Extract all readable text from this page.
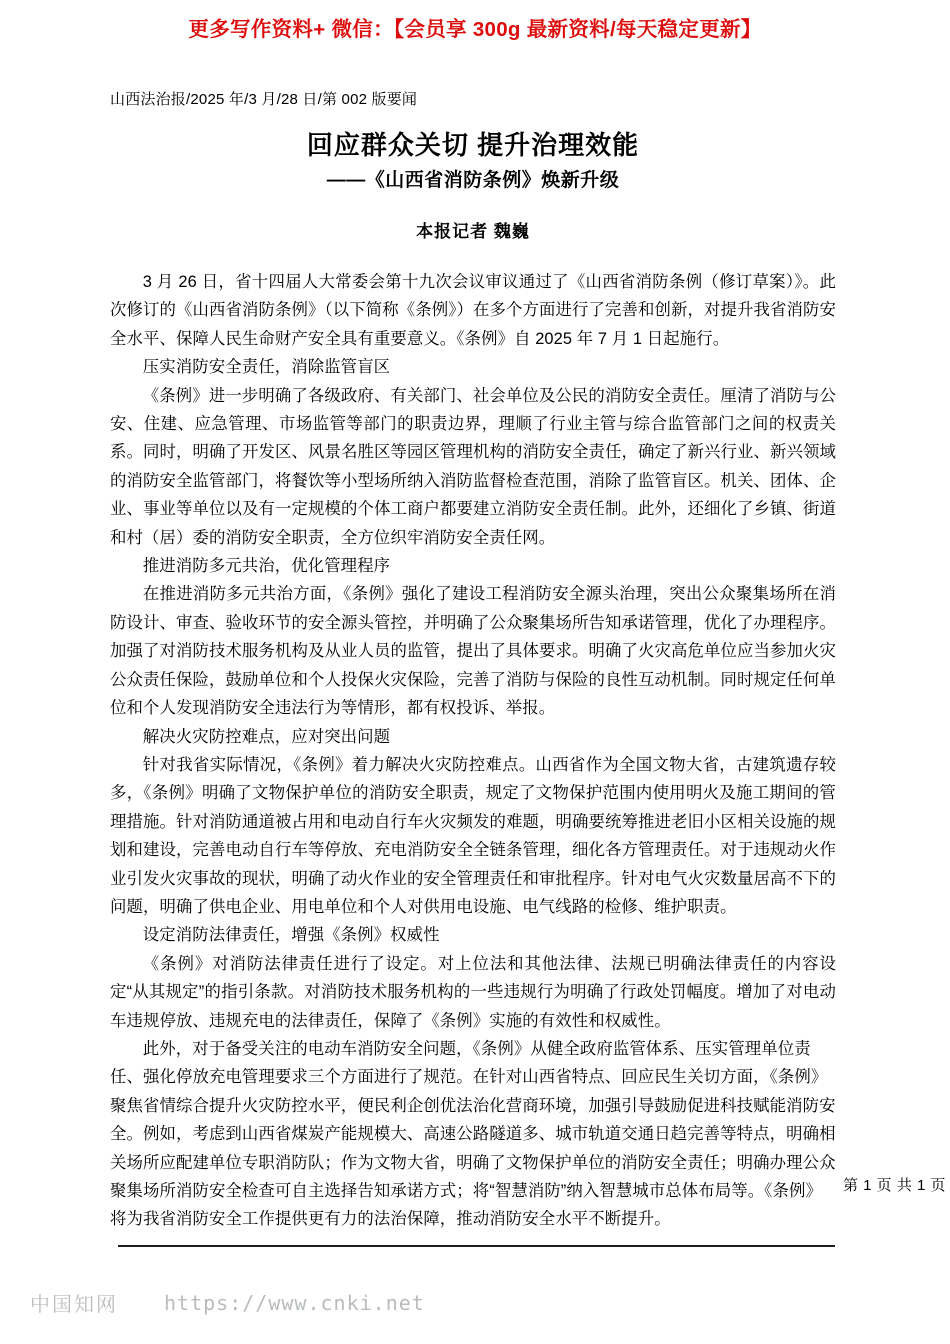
更多写作资料+ 微信：【会员享 300g 最新资料/每天稳定更新】
山西法治报/2025 年/3 月/28 日/第 002 版要闻
回应群众关切 提升治理效能
——《山西省消防条例》焕新升级
本报记者 魏巍

3 月 26 日，省十四届人大常委会第十九次会议审议通过了《山西省消防条例（修订草案）》。此次修订的《山西省消防条例》（以下简称《条例》）在多个方面进行了完善和创新，对提升我省消防安全水平、保障人民生命财产安全具有重要意义。《条例》自 2025 年 7 月 1 日起施行。

压实消防安全责任，消除监管盲区

《条例》进一步明确了各级政府、有关部门、社会单位及公民的消防安全责任。厘清了消防与公安、住建、应急管理、市场监管等部门的职责边界，理顺了行业主管与综合监管部门之间的权责关系。同时，明确了开发区、风景名胜区等园区管理机构的消防安全责任，确定了新兴行业、新兴领域的消防安全监管部门，将餐饮等小型场所纳入消防监督检查范围，消除了监管盲区。机关、团体、企业、事业等单位以及有一定规模的个体工商户都要建立消防安全责任制。此外，还细化了乡镇、街道和村（居）委的消防安全职责，全方位织牢消防安全责任网。

推进消防多元共治，优化管理程序

在推进消防多元共治方面，《条例》强化了建设工程消防安全源头治理，突出公众聚集场所在消防设计、审查、验收环节的安全源头管控，并明确了公众聚集场所告知承诺管理，优化了办理程序。加强了对消防技术服务机构及从业人员的监管，提出了具体要求。明确了火灾高危单位应当参加火灾公众责任保险，鼓励单位和个人投保火灾保险，完善了消防与保险的良性互动机制。同时规定任何单位和个人发现消防安全违法行为等情形，都有权投诉、举报。

解决火灾防控难点，应对突出问题

针对我省实际情况，《条例》着力解决火灾防控难点。山西省作为全国文物大省，古建筑遗存较多，《条例》明确了文物保护单位的消防安全职责，规定了文物保护范围内使用明火及施工期间的管理措施。针对消防通道被占用和电动自行车火灾频发的难题，明确要统筹推进老旧小区相关设施的规划和建设，完善电动自行车等停放、充电消防安全全链条管理，细化各方管理责任。对于违规动火作业引发火灾事故的现状，明确了动火作业的安全管理责任和审批程序。针对电气火灾数量居高不下的问题，明确了供电企业、用电单位和个人对供用电设施、电气线路的检修、维护职责。

设定消防法律责任，增强《条例》权威性

《条例》对消防法律责任进行了设定。对上位法和其他法律、法规已明确法律责任的内容设定“从其规定”的指引条款。对消防技术服务机构的一些违规行为明确了行政处罚幅度。增加了对电动车违规停放、违规充电的法律责任，保障了《条例》实施的有效性和权威性。

此外，对于备受关注的电动车消防安全问题，《条例》从健全政府监管体系、压实管理单位责任、强化停放充电管理要求三个方面进行了规范。在针对山西省特点、回应民生关切方面，《条例》聚焦省情综合提升火灾防控水平，便民利企创优法治化营商环境，加强引导鼓励促进科技赋能消防安全。例如，考虑到山西省煤炭产能规模大、高速公路隧道多、城市轨道交通日趋完善等特点，明确相关场所应配建单位专职消防队；作为文物大省，明确了文物保护单位的消防安全责任；明确办理公众聚集场所消防安全检查可自主选择告知承诺方式；将“智慧消防”纳入智慧城市总体布局等。《条例》将为我省消防安全工作提供更有力的法治保障，推动消防安全水平不断提升。

第 1 页 共 1 页
中国知网 https://www.cnki.net
